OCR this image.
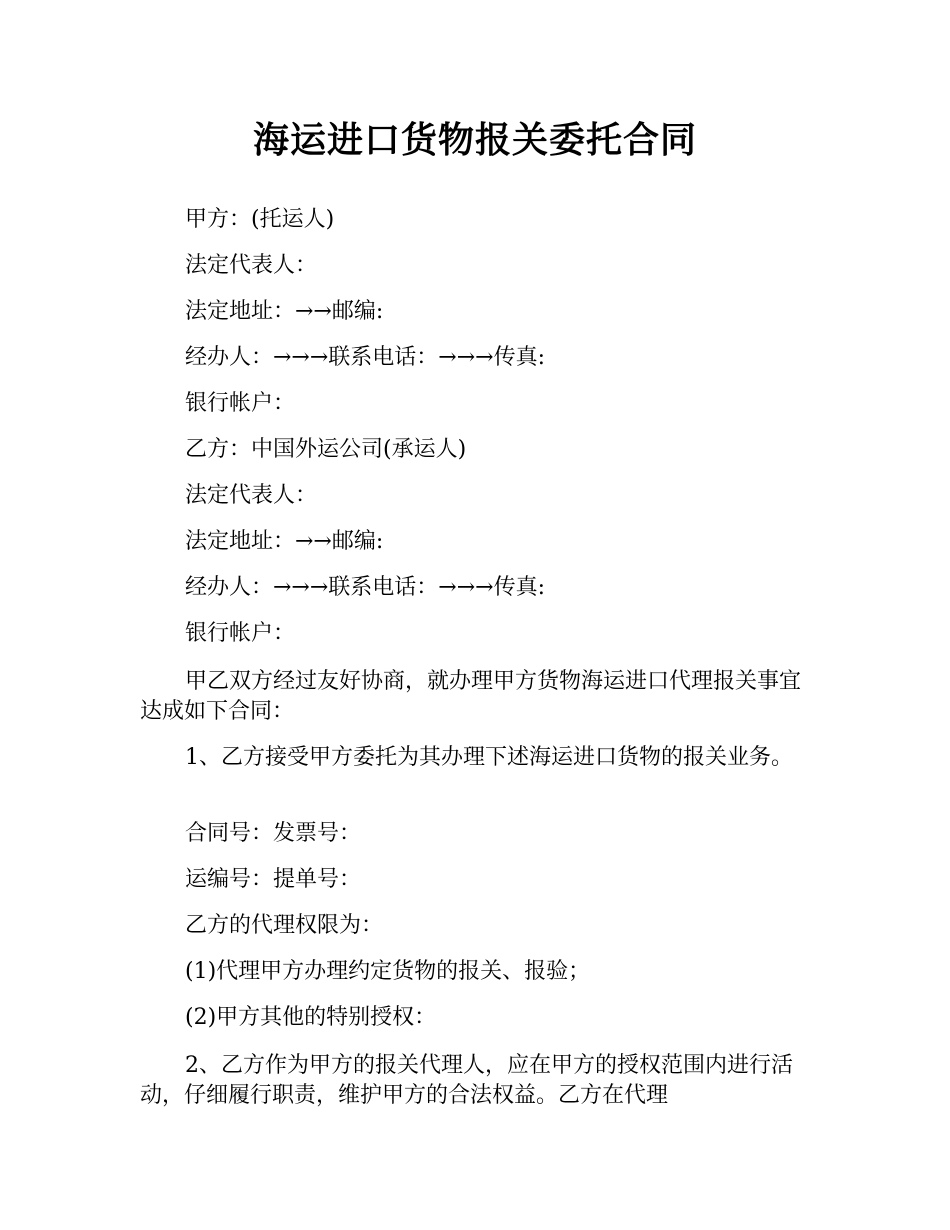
海运进口货物报关委托合同
甲方：(托运人)
法定代表人：
法定地址：→→邮编:
经办人：→→→联系电话：→→→传真:
银行帐户：
乙方：中国外运公司(承运人)
法定代表人：
法定地址：→→邮编:
经办人：→→→联系电话：→→→传真:
银行帐户：
甲乙双方经过友好协商，就办理甲方货物海运进口代理报关事宜达成如下合同：
1、乙方接受甲方委托为其办理下述海运进口货物的报关业务。
合同号：发票号：
运编号：提单号：
乙方的代理权限为：
(1)代理甲方办理约定货物的报关、报验；
(2)甲方其他的特别授权：
2、乙方作为甲方的报关代理人，应在甲方的授权范围内进行活动，仔细履行职责，维护甲方的合法权益。乙方在代理
